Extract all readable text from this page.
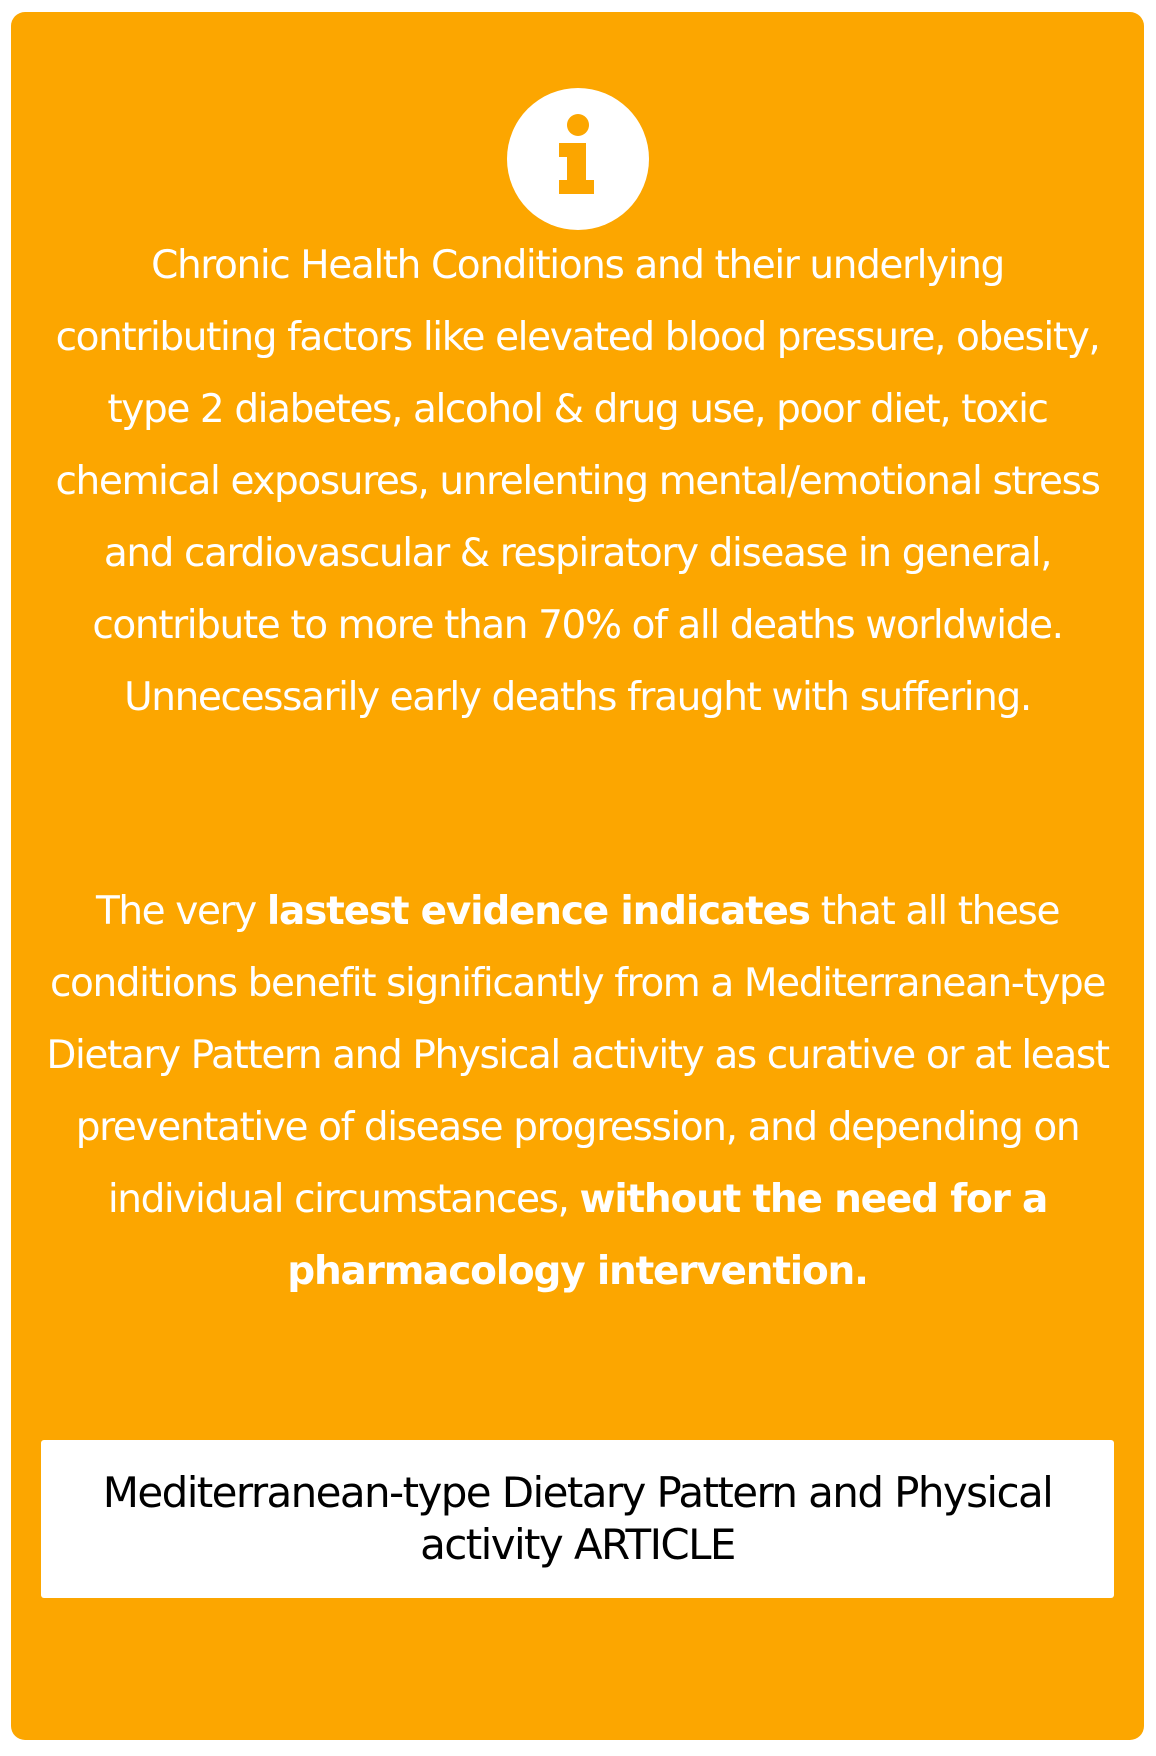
Chronic Health Conditions and their underlying contributing factors like elevated blood pressure, obesity, type 2 diabetes, alcohol & drug use, poor diet, toxic chemical exposures, unrelenting mental/emotional stress and cardiovascular & respiratory disease in general, contribute to more than 70% of all deaths worldwide. Unnecessarily early deaths fraught with suffering.
The very lastest evidence indicates that all these conditions benefit significantly from a Mediterranean-type Dietary Pattern and Physical activity as curative or at least preventative of disease progression, and depending on individual circumstances, without the need for a pharmacology intervention.
Mediterranean-type Dietary Pattern and Physical activity ARTICLE
